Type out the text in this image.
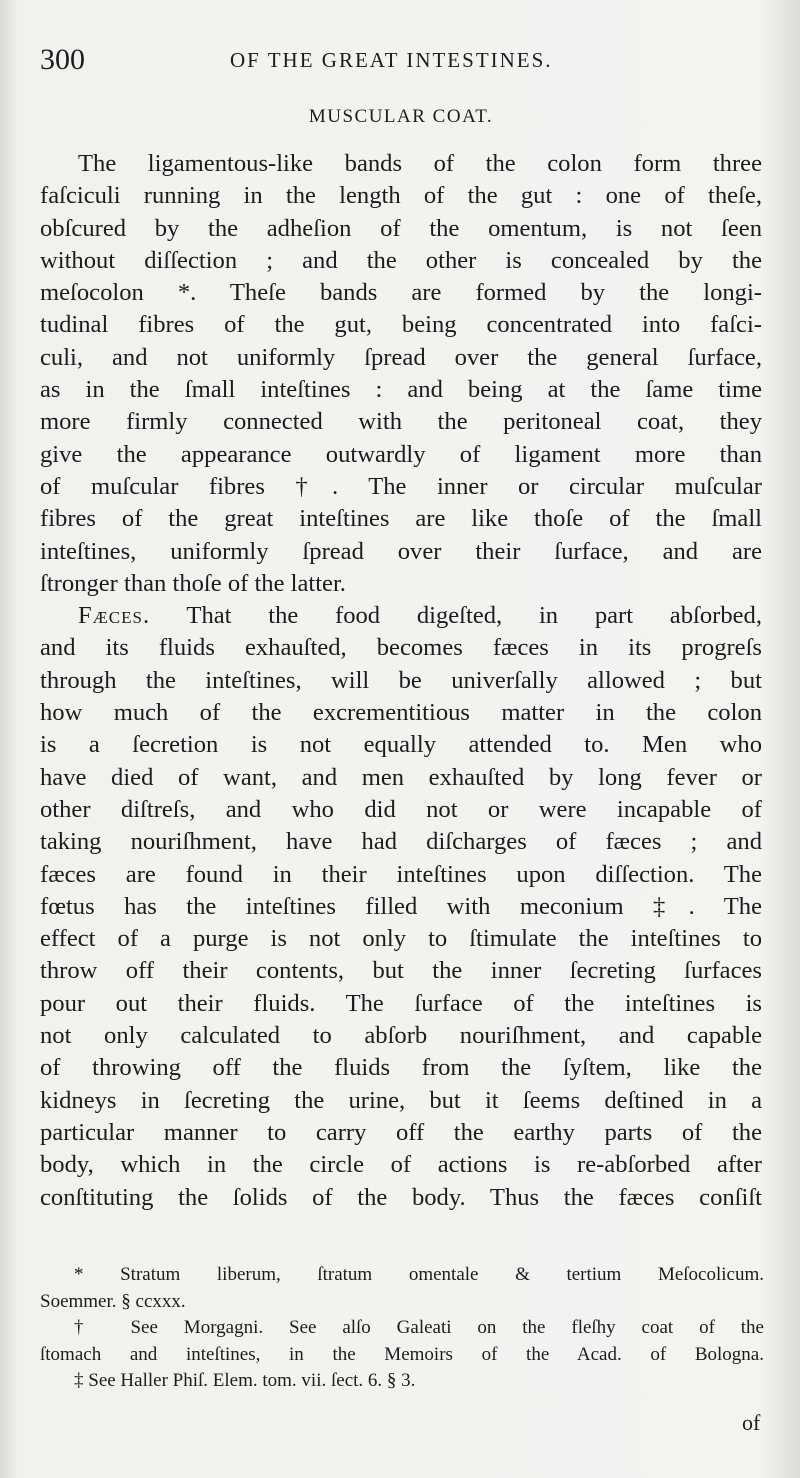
300	OF THE GREAT INTESTINES.
MUSCULAR COAT.
The ligamentous-like bands of the colon form three
faſciculi running in the length of the gut : one of theſe,
obſcured by the adheſion of the omentum, is not ſeen
without diſſection ; and the other is concealed by the
meſocolon *. Theſe bands are formed by the longi-
tudinal fibres of the gut, being concentrated into faſci-
culi, and not uniformly ſpread over the general ſurface,
as in the ſmall inteſtines : and being at the ſame time
more firmly connected with the peritoneal coat, they
give the appearance outwardly of ligament more than
of muſcular fibres †. The inner or circular muſcular
fibres of the great inteſtines are like thoſe of the ſmall
inteſtines, uniformly ſpread over their ſurface, and are
ſtronger than thoſe of the latter.
Fæces. That the food digeſted, in part abſorbed,
and its fluids exhauſted, becomes fæces in its progreſs
through the inteſtines, will be univerſally allowed ; but
how much of the excrementitious matter in the colon
is a ſecretion is not equally attended to. Men who
have died of want, and men exhauſted by long fever or
other diſtreſs, and who did not or were incapable of
taking nouriſhment, have had diſcharges of fæces ; and
fæces are found in their inteſtines upon diſſection. The
fœtus has the inteſtines filled with meconium ‡. The
effect of a purge is not only to ſtimulate the inteſtines to
throw off their contents, but the inner ſecreting ſurfaces
pour out their fluids. The ſurface of the inteſtines is
not only calculated to abſorb nouriſhment, and capable
of throwing off the fluids from the ſyſtem, like the
kidneys in ſecreting the urine, but it ſeems deſtined in a
particular manner to carry off the earthy parts of the
body, which in the circle of actions is re-abſorbed after
conſtituting the ſolids of the body. Thus the fæces conſiſt
* Stratum liberum, ſtratum omentale & tertium Meſocolicum.
Soemmer. § ccxxx.
† See Morgagni. See alſo Galeati on the fleſhy coat of the
ſtomach and inteſtines, in the Memoirs of the Acad. of Bologna.
‡ See Haller Phiſ. Elem. tom. vii. ſect. 6. § 3.
of
